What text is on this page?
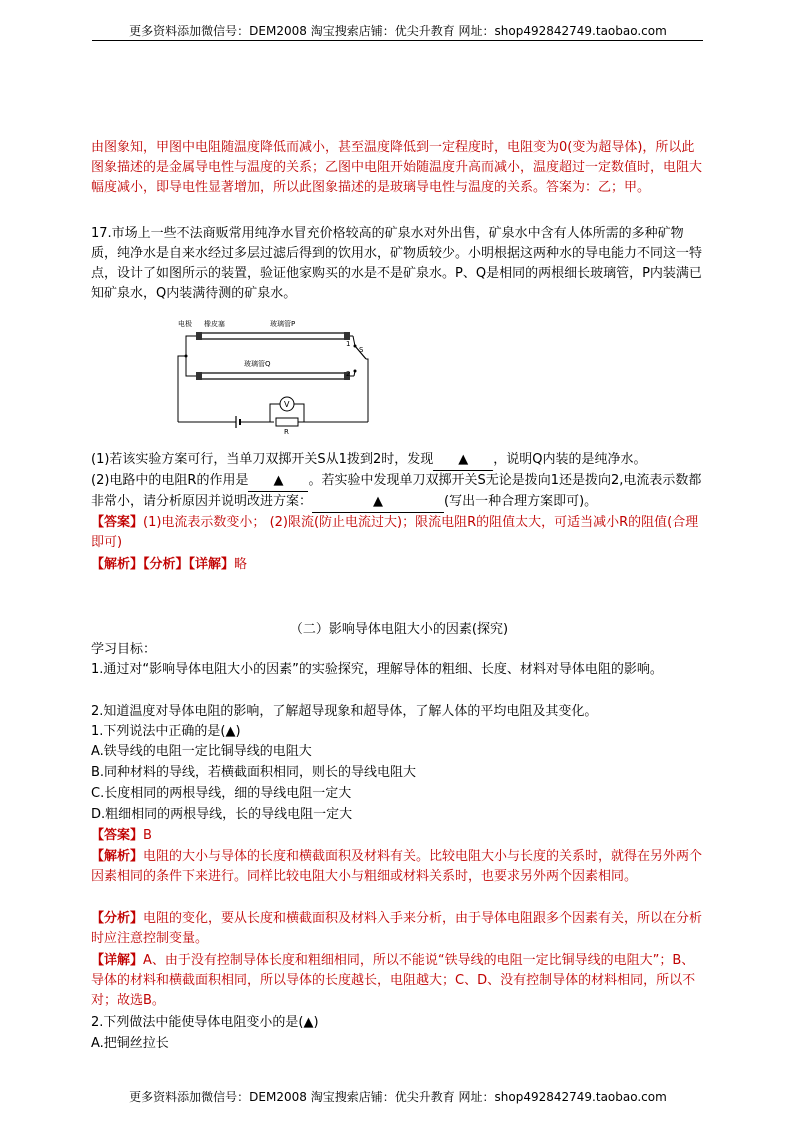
更多资料添加微信号：DEM2008 淘宝搜索店铺：优尖升教育 网址：shop492842749.taobao.com
由图象知，甲图中电阻随温度降低而减小，甚至温度降低到一定程度时，电阻变为0(变为超导体)，所以此图象描述的是金属导电性与温度的关系；乙图中电阻开始随温度升高而减小，温度超过一定数值时，电阻大幅度减小，即导电性显著增加，所以此图象描述的是玻璃导电性与温度的关系。答案为：乙；甲。
17.市场上一些不法商贩常用纯净水冒充价格较高的矿泉水对外出售，矿泉水中含有人体所需的多种矿物质，纯净水是自来水经过多层过滤后得到的饮用水，矿物质较少。小明根据这两种水的导电能力不同这一特点，设计了如图所示的装置，验证他家购买的水是不是矿泉水。P、Q是相同的两根细长玻璃管，P内装满已知矿泉水，Q内装满待测的矿泉水。
电极 橡皮塞	玻璃管P
玻璃管Q
1
2
S
R
V
(1)若该实验方案可行，当单刀双掷开关S从1拨到2时，发现 ▲ ，说明Q内装的是纯净水。
(2)电路中的电阻R的作用是 ▲ 。若实验中发现单刀双掷开关S无论是拨向1还是拨向2,电流表示数都非常小，请分析原因并说明改进方案：	▲	(写出一种合理方案即可)。
【答案】(1)电流表示数变小； (2)限流(防止电流过大)；限流电阻R的阻值太大，可适当减小R的阻值(合理即可)
【解析】【分析】【详解】略
（二）影响导体电阻大小的因素(探究)
学习目标：
1.通过对“影响导体电阻大小的因素”的实验探究，理解导体的粗细、长度、材料对导体电阻的影响。
2.知道温度对导体电阻的影响，了解超导现象和超导体，了解人体的平均电阻及其变化。
1.下列说法中正确的是(▲)
A.铁导线的电阻一定比铜导线的电阻大
B.同种材料的导线，若横截面积相同，则长的导线电阻大
C.长度相同的两根导线，细的导线电阻一定大
D.粗细相同的两根导线，长的导线电阻一定大
【答案】B
【解析】电阻的大小与导体的长度和横截面积及材料有关。比较电阻大小与长度的关系时，就得在另外两个因素相同的条件下来进行。同样比较电阻大小与粗细或材料关系时，也要求另外两个因素相同。
【分析】电阻的变化，要从长度和横截面积及材料入手来分析，由于导体电阻跟多个因素有关，所以在分析时应注意控制变量。
【详解】A、由于没有控制导体长度和粗细相同，所以不能说“铁导线的电阻一定比铜导线的电阻大”；B、导体的材料和横截面积相同，所以导体的长度越长，电阻越大；C、D、没有控制导体的材料相同，所以不对；故选B。
2.下列做法中能使导体电阻变小的是(▲)
A.把铜丝拉长
更多资料添加微信号：DEM2008 淘宝搜索店铺：优尖升教育 网址：shop492842749.taobao.com
